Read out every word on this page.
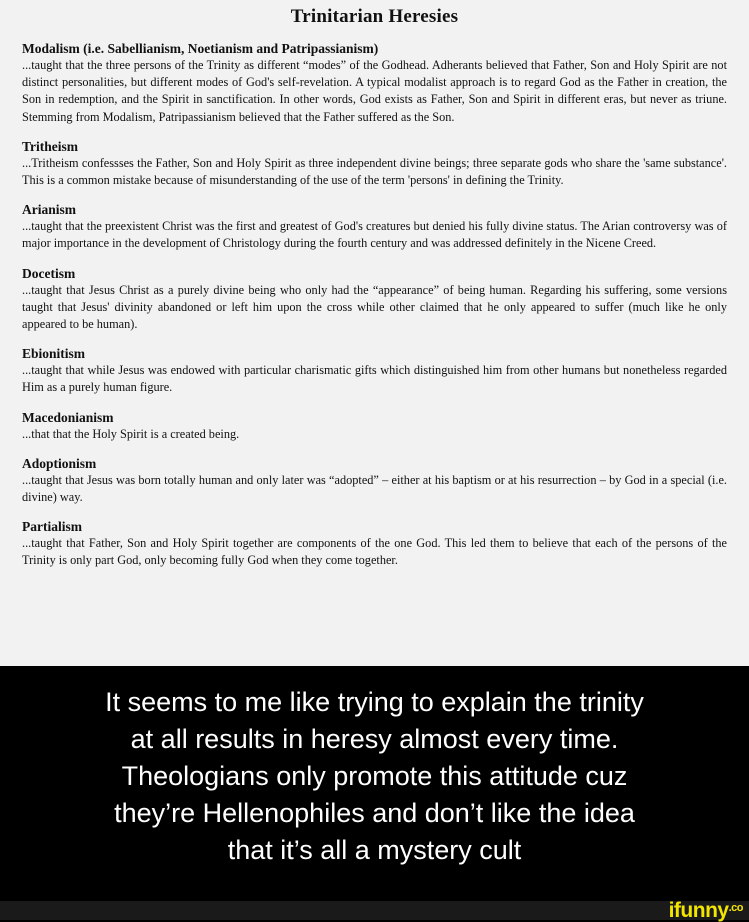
Trinitarian Heresies
Modalism (i.e. Sabellianism, Noetianism and Patripassianism)
...taught that the three persons of the Trinity as different “modes” of the Godhead. Adherants believed that Father, Son and Holy Spirit are not distinct personalities, but different modes of God's self-revelation. A typical modalist approach is to regard God as the Father in creation, the Son in redemption, and the Spirit in sanctification. In other words, God exists as Father, Son and Spirit in different eras, but never as triune. Stemming from Modalism, Patripassianism believed that the Father suffered as the Son.
Tritheism
...Tritheism confessses the Father, Son and Holy Spirit as three independent divine beings; three separate gods who share the 'same substance'. This is a common mistake because of misunderstanding of the use of the term 'persons' in defining the Trinity.
Arianism
...taught that the preexistent Christ was the first and greatest of God's creatures but denied his fully divine status. The Arian controversy was of major importance in the development of Christology during the fourth century and was addressed definitely in the Nicene Creed.
Docetism
...taught that Jesus Christ as a purely divine being who only had the “appearance” of being human. Regarding his suffering, some versions taught that Jesus' divinity abandoned or left him upon the cross while other claimed that he only appeared to suffer (much like he only appeared to be human).
Ebionitism
...taught that while Jesus was endowed with particular charismatic gifts which distinguished him from other humans but nonetheless regarded Him as a purely human figure.
Macedonianism
...that that the Holy Spirit is a created being.
Adoptionism
...taught that Jesus was born totally human and only later was “adopted” – either at his baptism or at his resurrection – by God in a special (i.e. divine) way.
Partialism
...taught that Father, Son and Holy Spirit together are components of the one God. This led them to believe that each of the persons of the Trinity is only part God, only becoming fully God when they come together.
It seems to me like trying to explain the trinity
at all results in heresy almost every time.
Theologians only promote this attitude cuz
they’re Hellenophiles and don’t like the idea
that it’s all a mystery cult
ifunny$^{.co}$
